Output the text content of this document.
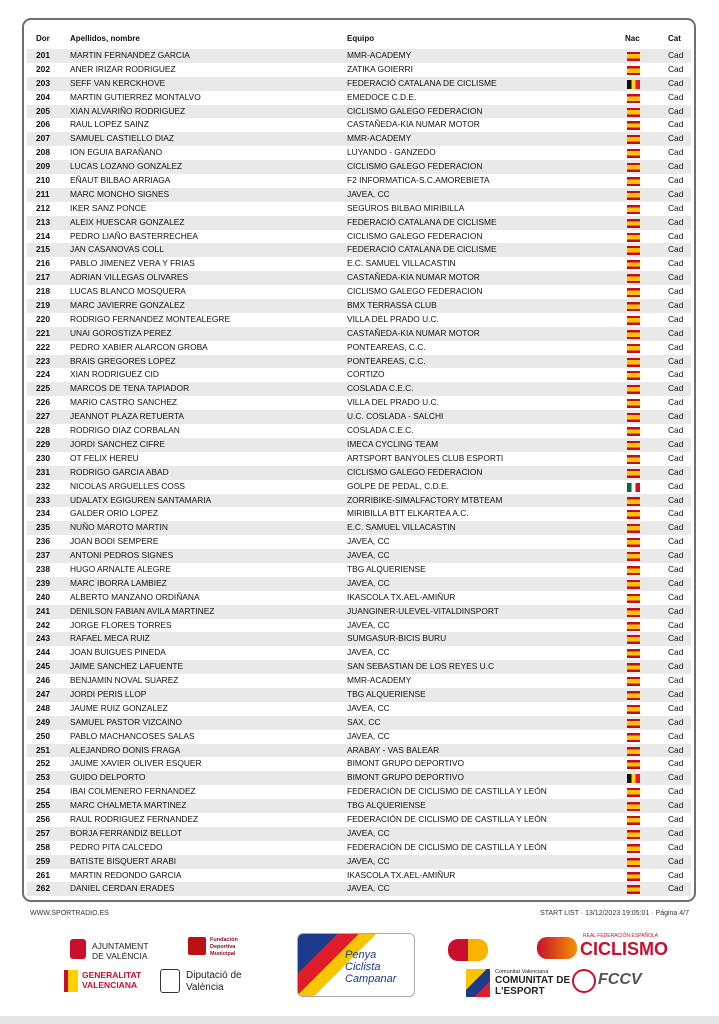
Dor	Apellidos, nombre	Equipo	Nac	Cat
201 MARTIN FERNANDEZ GARCIA	MMR-ACADEMY	Cad
202 ANER IRIZAR RODRIGUEZ	ZATIKA GOIERRI	Cad
203 SEFF VAN KERCKHOVE	FEDERACIÓ CATALANA DE CICLISME	Cad
204 MARTIN GUTIERREZ MONTALVO	EMEDOCE C.D.E.	Cad
205 XIAN ALVARIÑO RODRIGUEZ	CICLISMO GALEGO FEDERACION	Cad
206 RAUL LOPEZ SAINZ	CASTAÑEDA-KIA NUMAR MOTOR	Cad
207 SAMUEL CASTIELLO DIAZ	MMR-ACADEMY	Cad
208 ION EGUIA BARAÑANO	LUYANDO - GANZEDO	Cad
209 LUCAS LOZANO GONZALEZ	CICLISMO GALEGO FEDERACION	Cad
210 EÑAUT BILBAO ARRIAGA	F2 INFORMATICA-S.C.AMOREBIETA	Cad
211 MARC MONCHO SIGNES	JAVEA, CC	Cad
212 IKER SANZ PONCE	SEGUROS BILBAO MIRIBILLA	Cad
213 ALEIX HUESCAR GONZALEZ	FEDERACIÓ CATALANA DE CICLISME	Cad
214 PEDRO LIAÑO BASTERRECHEA	CICLISMO GALEGO FEDERACION	Cad
215 JAN CASANOVAS COLL	FEDERACIÓ CATALANA DE CICLISME	Cad
216 PABLO JIMENEZ VERA Y FRIAS	E.C. SAMUEL VILLACASTIN	Cad
217 ADRIAN VILLEGAS OLIVARES	CASTAÑEDA-KIA NUMAR MOTOR	Cad
218 LUCAS BLANCO MOSQUERA	CICLISMO GALEGO FEDERACION	Cad
219 MARC JAVIERRE GONZALEZ	BMX TERRASSA CLUB	Cad
220 RODRIGO FERNANDEZ MONTEALEGRE	VILLA DEL PRADO U.C.	Cad
221 UNAI GOROSTIZA PEREZ	CASTAÑEDA-KIA NUMAR MOTOR	Cad
222 PEDRO XABIER ALARCON GROBA	PONTEAREAS, C.C.	Cad
223 BRAIS GREGORES LOPEZ	PONTEAREAS, C.C.	Cad
224 XIAN RODRIGUEZ CID	CORTIZO	Cad
225 MARCOS DE TENA TAPIADOR	COSLADA C.E.C.	Cad
226 MARIO CASTRO SANCHEZ	VILLA DEL PRADO U.C.	Cad
227 JEANNOT PLAZA RETUERTA	U.C. COSLADA - SALCHI	Cad
228 RODRIGO DIAZ CORBALAN	COSLADA C.E.C.	Cad
229 JORDI SANCHEZ CIFRE	IMECA CYCLING TEAM	Cad
230 OT FELIX HEREU	ARTSPORT BANYOLES CLUB ESPORTI	Cad
231 RODRIGO GARCIA ABAD	CICLISMO GALEGO FEDERACION	Cad
232 NICOLAS ARGUELLES COSS	GOLPE DE PEDAL, C.D.E.	Cad
233 UDALATX EGIGUREN SANTAMARIA	ZORRIBIKE-SIMALFACTORY MTBTEAM	Cad
234 GALDER ORIO LOPEZ	MIRIBILLA BTT ELKARTEA A.C.	Cad
235 NUÑO MAROTO MARTIN	E.C. SAMUEL VILLACASTIN	Cad
236 JOAN BODI SEMPERE	JAVEA, CC	Cad
237 ANTONI PEDROS SIGNES	JAVEA, CC	Cad
238 HUGO ARNALTE ALEGRE	TBG ALQUERIENSE	Cad
239 MARC IBORRA LAMBIEZ	JAVEA, CC	Cad
240 ALBERTO MANZANO ORDIÑANA	IKASCOLA TX.AEL-AMIÑUR	Cad
241 DENILSON FABIAN AVILA MARTINEZ	JUANGINER-ULEVEL-VITALDINSPORT	Cad
242 JORGE FLORES TORRES	JAVEA, CC	Cad
243 RAFAEL MECA RUIZ	SUMGASUR-BICIS BURU	Cad
244 JOAN BUIGUES PINEDA	JAVEA, CC	Cad
245 JAIME SANCHEZ LAFUENTE	SAN SEBASTIAN DE LOS REYES U.C	Cad
246 BENJAMIN NOVAL SUAREZ	MMR-ACADEMY	Cad
247 JORDI PERIS LLOP	TBG ALQUERIENSE	Cad
248 JAUME RUIZ GONZALEZ	JAVEA, CC	Cad
249 SAMUEL PASTOR VIZCAINO	SAX, CC	Cad
250 PABLO MACHANCOSES SALAS	JAVEA, CC	Cad
251 ALEJANDRO DONIS FRAGA	ARABAY - VAS BALEAR	Cad
252 JAUME XAVIER OLIVER ESQUER	BIMONT GRUPO DEPORTIVO	Cad
253 GUIDO DELPORTO	BIMONT GRUPO DEPORTIVO	Cad
254 IBAI COLMENERO FERNANDEZ	FEDERACIÓN DE CICLISMO DE CASTILLA Y LEÓN	Cad
255 MARC CHALMETA MARTINEZ	TBG ALQUERIENSE	Cad
256 RAUL RODRIGUEZ FERNANDEZ	FEDERACIÓN DE CICLISMO DE CASTILLA Y LEÓN	Cad
257 BORJA FERRANDIZ BELLOT	JAVEA, CC	Cad
258 PEDRO PITA CALCEDO	FEDERACIÓN DE CICLISMO DE CASTILLA Y LEÓN	Cad
259 BATISTE BISQUERT ARABI	JAVEA, CC	Cad
261 MARTIN REDONDO GARCIA	IKASCOLA TX.AEL-AMIÑUR	Cad
262 DANIEL CERDAN ERADES	JAVEA, CC	Cad
WWW.SPORTRADIO.ES	START LIST · 13/12/2023 19:05:01 · Página 4/7
AJUNTAMENT DE VALÈNCIA
Fundación Deportiva Municipal
GENERALITAT VALENCIANA
Diputació de València
Penya Ciclista Campanar
REAL FEDERACIÓN ESPAÑOLA
CICLISMO
Comunitat Valenciana
COMUNITAT DE L'ESPORT
FCCV
